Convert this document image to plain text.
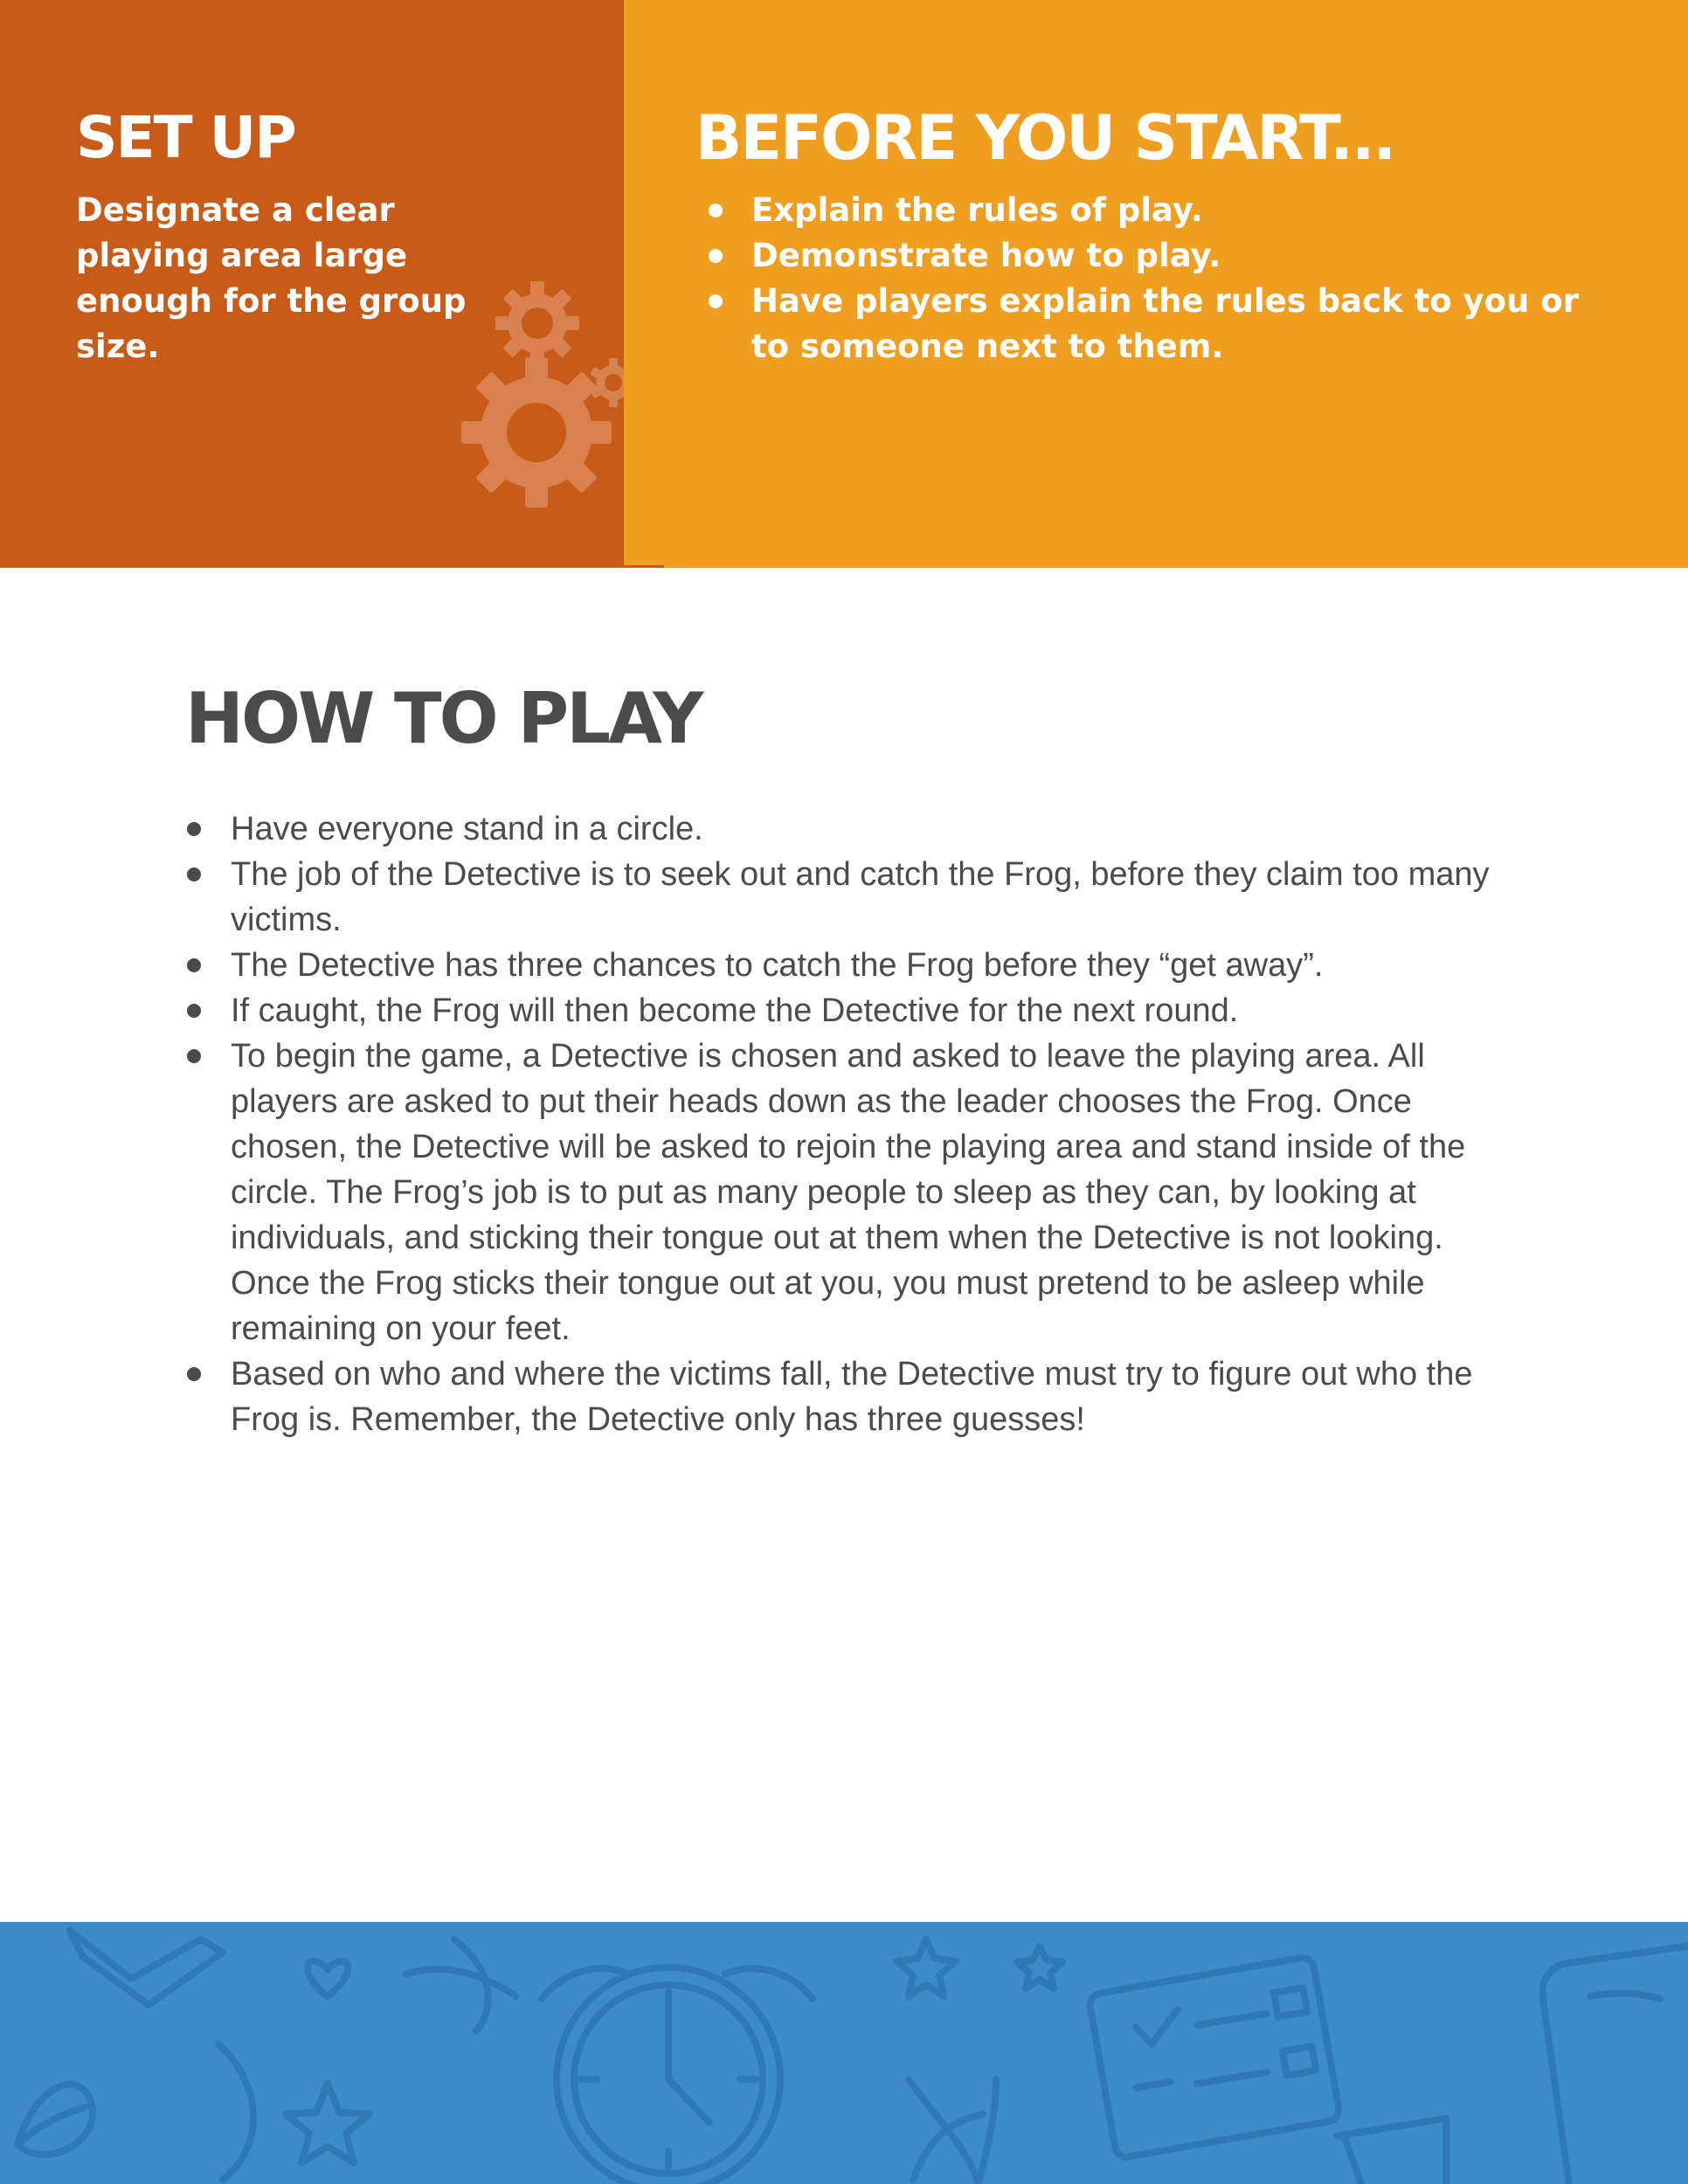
SET UP

Designate a clear playing area large enough for the group size.

BEFORE YOU START...
Explain the rules of play.
Demonstrate how to play.
Have players explain the rules back to you or to someone next to them.
HOW TO PLAY
Have everyone stand in a circle.
The job of the Detective is to seek out and catch the Frog, before they claim too many victims.
The Detective has three chances to catch the Frog before they “get away”.
If caught, the Frog will then become the Detective for the next round.
To begin the game, a Detective is chosen and asked to leave the playing area. All players are asked to put their heads down as the leader chooses the Frog. Once chosen, the Detective will be asked to rejoin the playing area and stand inside of the circle. The Frog’s job is to put as many people to sleep as they can, by looking at individuals, and sticking their tongue out at them when the Detective is not looking. Once the Frog sticks their tongue out at you, you must pretend to be asleep while remaining on your feet.
Based on who and where the victims fall, the Detective must try to figure out who the Frog is. Remember, the Detective only has three guesses!
